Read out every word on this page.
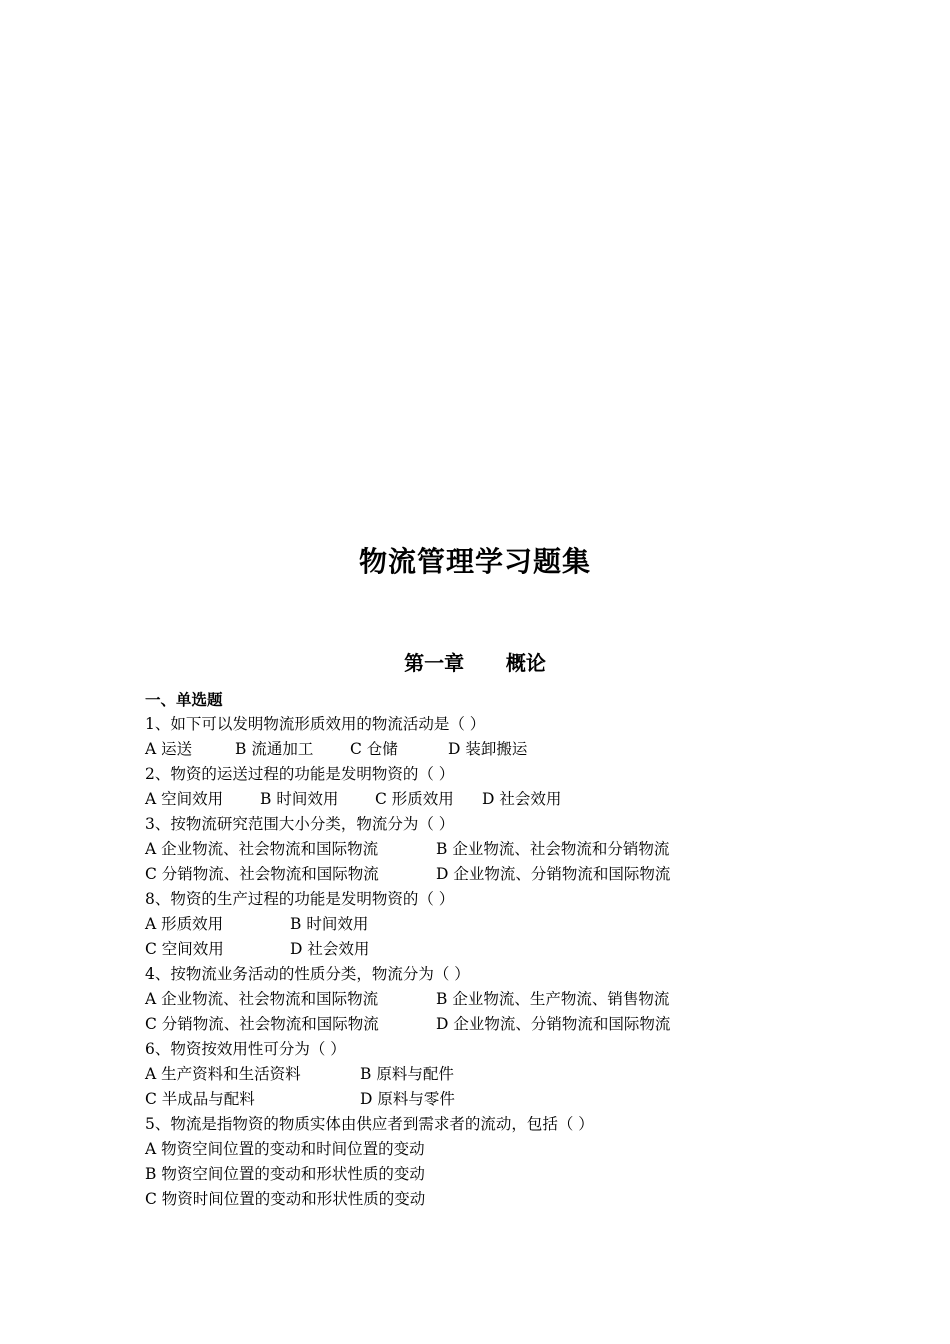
物流管理学习题集
第一章      概论
一、单选题
1、如下可以发明物流形质效用的物流活动是（ ）
A 运送	B 流通加工 C 仓储	D 装卸搬运
2、物资的运送过程的功能是发明物资的（ ）
A 空间效用 B 时间效用 C 形质效用 D 社会效用
3、按物流研究范围大小分类，物流分为（ ）
A 企业物流、社会物流和国际物流	B 企业物流、社会物流和分销物流
C 分销物流、社会物流和国际物流	D 企业物流、分销物流和国际物流
8、物资的生产过程的功能是发明物资的（ ）
A 形质效用	B 时间效用
C 空间效用	D 社会效用
4、按物流业务活动的性质分类，物流分为（ ）
A 企业物流、社会物流和国际物流	B 企业物流、生产物流、销售物流
C 分销物流、社会物流和国际物流	D 企业物流、分销物流和国际物流
6、物资按效用性可分为（ ）
A 生产资料和生活资料	B 原料与配件
C 半成品与配料	D 原料与零件
5、物流是指物资的物质实体由供应者到需求者的流动，包括（ ）
A 物资空间位置的变动和时间位置的变动
B 物资空间位置的变动和形状性质的变动
C 物资时间位置的变动和形状性质的变动
